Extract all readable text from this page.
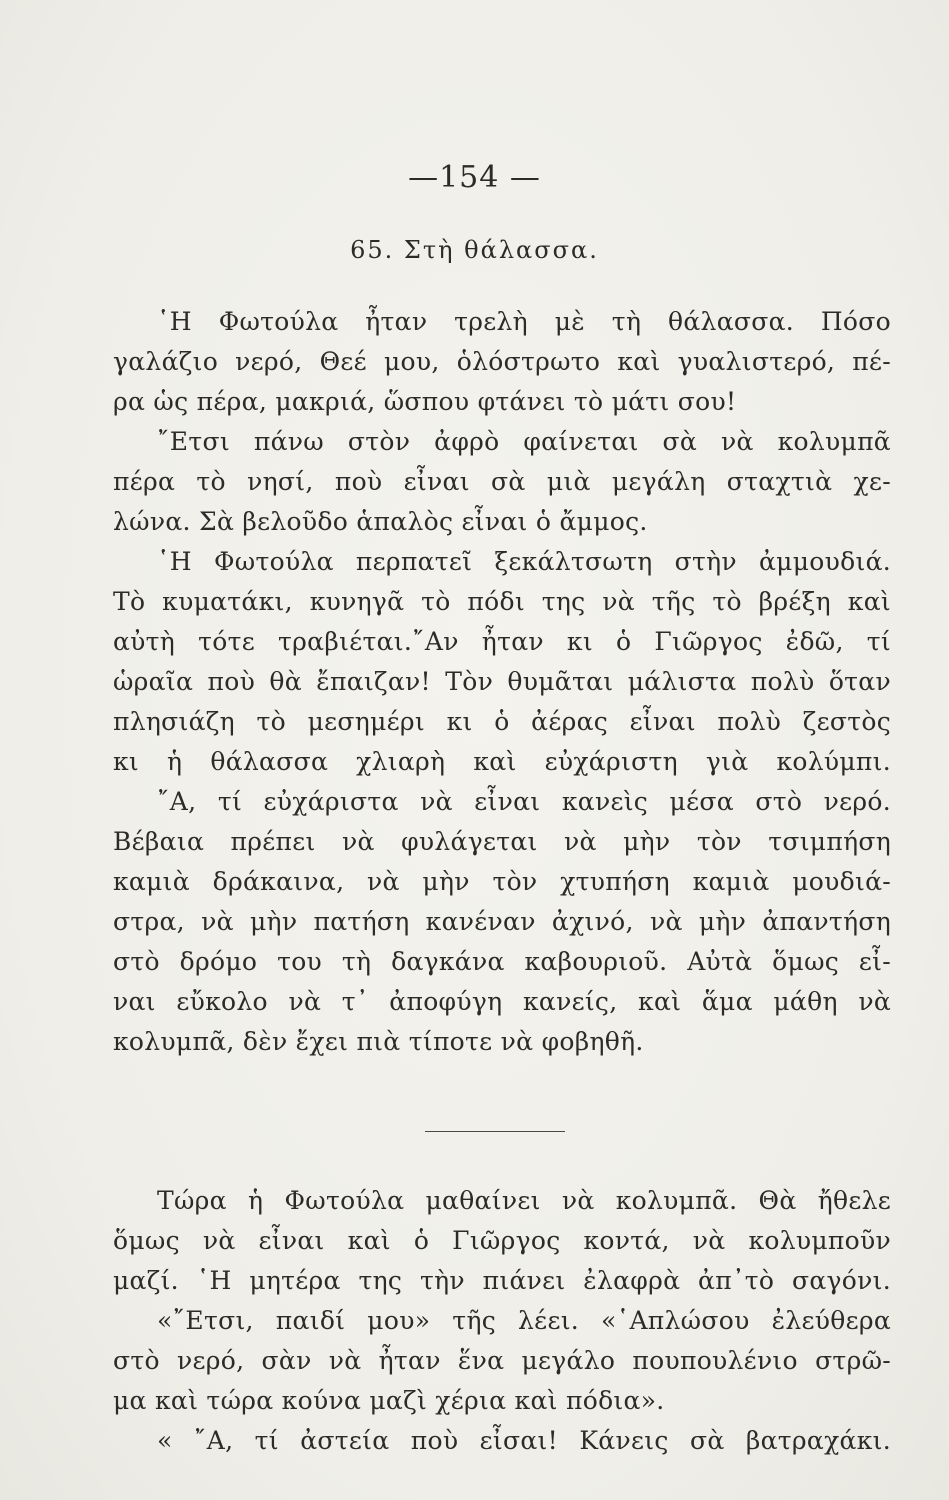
—154 —
65. Στὴ θάλασσα.
῾Η Φωτούλα ἦταν τρελὴ μὲ τὴ θάλασσα. Πόσο
γαλάζιο νερό, Θεέ μου, ὁλόστρωτο καὶ γυαλιστερό, πέ-
ρα ὡς πέρα, μακριά, ὥσπου φτάνει τὸ μάτι σου!
῎Ετσι πάνω στὸν ἀφρὸ φαίνεται σὰ νὰ κολυμπᾶ
πέρα τὸ νησί, ποὺ εἶναι σὰ μιὰ μεγάλη σταχτιὰ χε-
λώνα. Σὰ βελοῦδο ἁπαλὸς εἶναι ὁ ἄμμος.
῾Η Φωτούλα περπατεῖ ξεκάλτσωτη στὴν ἀμμουδιά.
Τὸ κυματάκι, κυνηγᾶ τὸ πόδι της νὰ τῆς τὸ βρέξη καὶ
αὐτὴ τότε τραβιέται.῎Αν ἦταν κι ὁ Γιῶργος ἐδῶ, τί
ὡραῖα ποὺ θὰ ἔπαιζαν! Τὸν θυμᾶται μάλιστα πολὺ ὅταν
πλησιάζη τὸ μεσημέρι κι ὁ ἀέρας εἶναι πολὺ ζεστὸς
κι ἡ θάλασσα χλιαρὴ καὶ εὐχάριστη γιὰ κολύμπι.
῎Α, τί εὐχάριστα νὰ εἶναι κανεὶς μέσα στὸ νερό.
Βέβαια πρέπει νὰ φυλάγεται νὰ μὴν τὸν τσιμπήση
καμιὰ δράκαινα, νὰ μὴν τὸν χτυπήση καμιὰ μουδιά-
στρα, νὰ μὴν πατήση κανέναν ἀχινό, νὰ μὴν ἀπαντήση
στὸ δρόμο του τὴ δαγκάνα καβουριοῦ. Αὐτὰ ὅμως εἶ-
ναι εὔκολο νὰ τ᾽ ἀποφύγη κανείς, καὶ ἅμα μάθη νὰ
κολυμπᾶ, δὲν ἔχει πιὰ τίποτε νὰ φοβηθῆ.
Τώρα ἡ Φωτούλα μαθαίνει νὰ κολυμπᾶ. Θὰ ἤθελε
ὅμως νὰ εἶναι καὶ ὁ Γιῶργος κοντά, νὰ κολυμποῦν
μαζί. ῾Η μητέρα της τὴν πιάνει ἐλαφρὰ ἀπ᾽τὸ σαγόνι.
«῎Ετσι, παιδί μου» τῆς λέει. «῾Απλώσου ἐλεύθερα
στὸ νερό, σὰν νὰ ἦταν ἕνα μεγάλο πουπουλένιο στρῶ-
μα καὶ τώρα κούνα μαζὶ χέρια καὶ πόδια».
« ῎Α, τί ἀστεία ποὺ εἶσαι! Κάνεις σὰ βατραχάκι.
